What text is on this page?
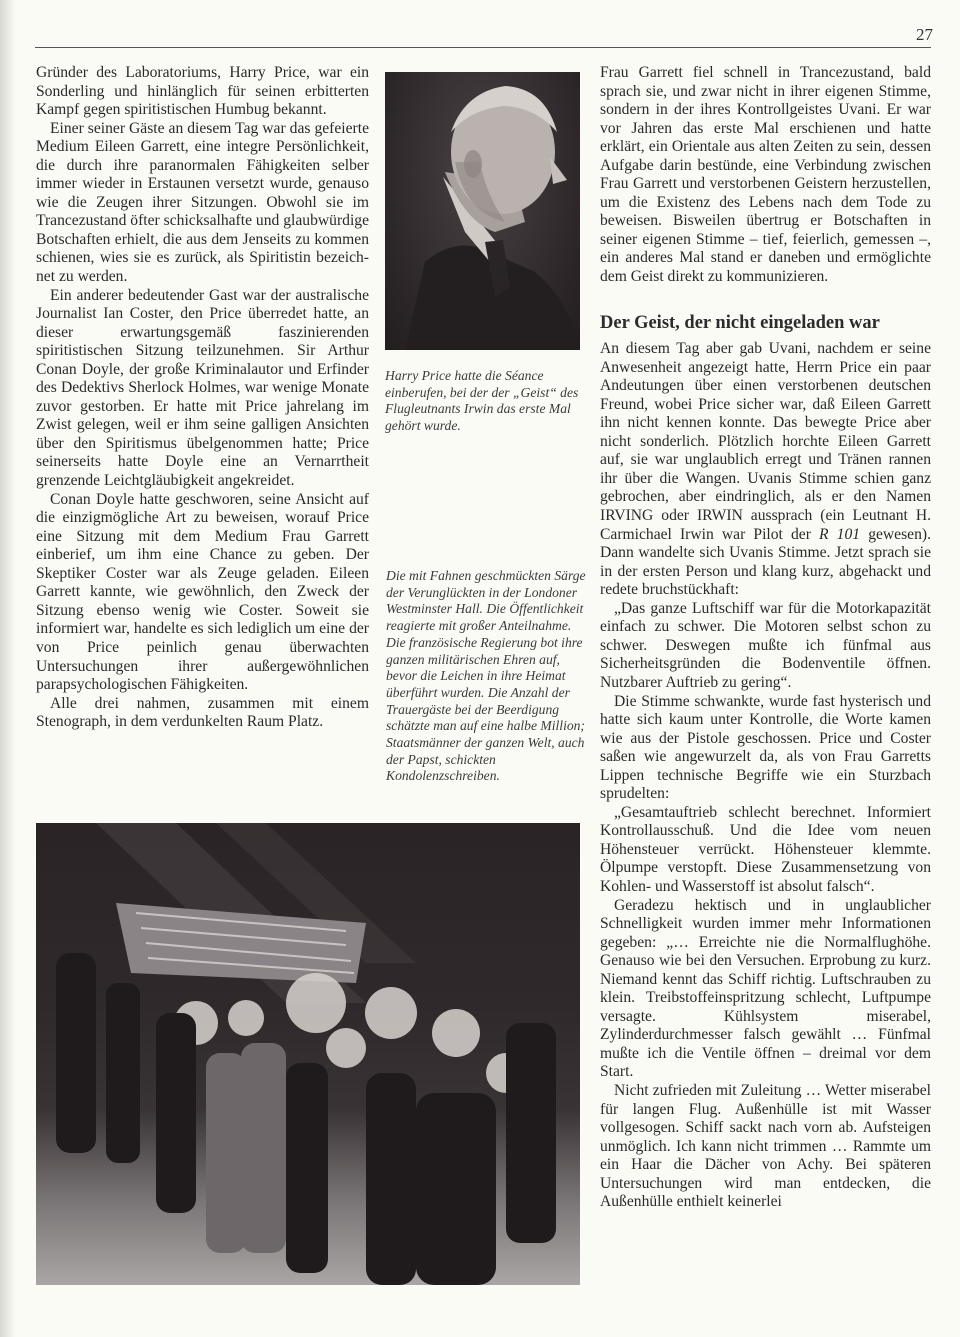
27

Gründer des Laboratoriums, Harry Price, war ein Sonderling und hinlänglich für seinen erbitterten Kampf gegen spiritistischen Humbug bekannt.

Einer seiner Gäste an diesem Tag war das gefeierte Medium Eileen Garrett, eine integre Persönlichkeit, die durch ihre paranormalen Fähigkeiten selber immer wieder in Erstaunen versetzt wurde, genauso wie die Zeugen ihrer Sitzungen. Obwohl sie im Trancezustand öfter schicksalhafte und glaubwürdige Botschaften erhielt, die aus dem Jenseits zu kommen schienen, wies sie es zurück, als Spiritistin bezeichnet zu werden.

Ein anderer bedeutender Gast war der australische Journalist Ian Coster, den Price überredet hatte, an dieser erwartungsgemäß faszinierenden spiritistischen Sitzung teilzunehmen. Sir Arthur Conan Doyle, der große Kriminalautor und Erfinder des Dedektivs Sherlock Holmes, war wenige Monate zuvor gestorben. Er hatte mit Price jahrelang im Zwist gelegen, weil er ihm seine galligen Ansichten über den Spiritismus übelgenommen hatte; Price seinerseits hatte Doyle eine an Vernarrtheit grenzende Leichtgläubigkeit angekreidet.

Conan Doyle hatte geschworen, seine Ansicht auf die einzigmögliche Art zu beweisen, worauf Price eine Sitzung mit dem Medium Frau Garrett einberief, um ihm eine Chance zu geben. Der Skeptiker Coster war als Zeuge geladen. Eileen Garrett kannte, wie gewöhnlich, den Zweck der Sitzung ebenso wenig wie Coster. Soweit sie informiert war, handelte es sich lediglich um eine der von Price peinlich genau überwachten Untersuchungen ihrer außergewöhnlichen parapsychologischen Fähigkeiten.

Alle drei nahmen, zusammen mit einem Stenograph, in dem verdunkelten Raum Platz.

Harry Price hatte die Séance einberufen, bei der der „Geist“ des Flugleutnants Irwin das erste Mal gehört wurde.
Die mit Fahnen geschmückten Särge der Verunglückten in der Londoner Westminster Hall. Die Öffentlichkeit reagierte mit großer Anteilnahme. Die französische Regierung bot ihre ganzen militärischen Ehren auf, bevor die Leichen in ihre Heimat überführt wurden. Die Anzahl der Trauergäste bei der Beerdigung schätzte man auf eine halbe Million; Staatsmänner der ganzen Welt, auch der Papst, schickten Kondolenzschreiben.

Frau Garrett fiel schnell in Trancezustand, bald sprach sie, und zwar nicht in ihrer eigenen Stimme, sondern in der ihres Kontrollgeistes Uvani. Er war vor Jahren das erste Mal erschienen und hatte erklärt, ein Orientale aus alten Zeiten zu sein, dessen Aufgabe darin bestünde, eine Verbindung zwischen Frau Garrett und verstorbenen Geistern herzustellen, um die Existenz des Lebens nach dem Tode zu beweisen. Bisweilen übertrug er Botschaften in seiner eigenen Stimme – tief, feierlich, gemessen –, ein anderes Mal stand er daneben und ermöglichte dem Geist direkt zu kommunizieren.

Der Geist, der nicht eingeladen war

An diesem Tag aber gab Uvani, nachdem er seine Anwesenheit angezeigt hatte, Herrn Price ein paar Andeutungen über einen verstorbenen deutschen Freund, wobei Price sicher war, daß Eileen Garrett ihn nicht kennen konnte. Das bewegte Price aber nicht sonderlich. Plötzlich horchte Eileen Garrett auf, sie war unglaublich erregt und Tränen rannen ihr über die Wangen. Uvanis Stimme schien ganz gebrochen, aber eindringlich, als er den Namen IRVING oder IRWIN aussprach (ein Leutnant H. Carmichael Irwin war Pilot der R 101 gewesen). Dann wandelte sich Uvanis Stimme. Jetzt sprach sie in der ersten Person und klang kurz, abgehackt und redete bruchstückhaft:

„Das ganze Luftschiff war für die Motorkapazität einfach zu schwer. Die Motoren selbst schon zu schwer. Deswegen mußte ich fünfmal aus Sicherheitsgründen die Bodenventile öffnen. Nutzbarer Auftrieb zu gering“.

Die Stimme schwankte, wurde fast hysterisch und hatte sich kaum unter Kontrolle, die Worte kamen wie aus der Pistole geschossen. Price und Coster saßen wie angewurzelt da, als von Frau Garretts Lippen technische Begriffe wie ein Sturzbach sprudelten:

„Gesamtauftrieb schlecht berechnet. Informiert Kontrollausschuß. Und die Idee vom neuen Höhensteuer verrückt. Höhensteuer klemmte. Ölpumpe verstopft. Diese Zusammensetzung von Kohlen- und Wasserstoff ist absolut falsch“.

Geradezu hektisch und in unglaublicher Schnelligkeit wurden immer mehr Informationen gegeben: „… Erreichte nie die Normalflughöhe. Genauso wie bei den Versuchen. Erprobung zu kurz. Niemand kennt das Schiff richtig. Luftschrauben zu klein. Treibstoffeinspritzung schlecht, Luftpumpe versagte. Kühlsystem miserabel, Zylinderdurchmesser falsch gewählt … Fünfmal mußte ich die Ventile öffnen – dreimal vor dem Start.

Nicht zufrieden mit Zuleitung … Wetter miserabel für langen Flug. Außenhülle ist mit Wasser vollgesogen. Schiff sackt nach vorn ab. Aufsteigen unmöglich. Ich kann nicht trimmen … Rammte um ein Haar die Dächer von Achy. Bei späteren Untersuchungen wird man entdecken, die Außenhülle enthielt keinerlei
